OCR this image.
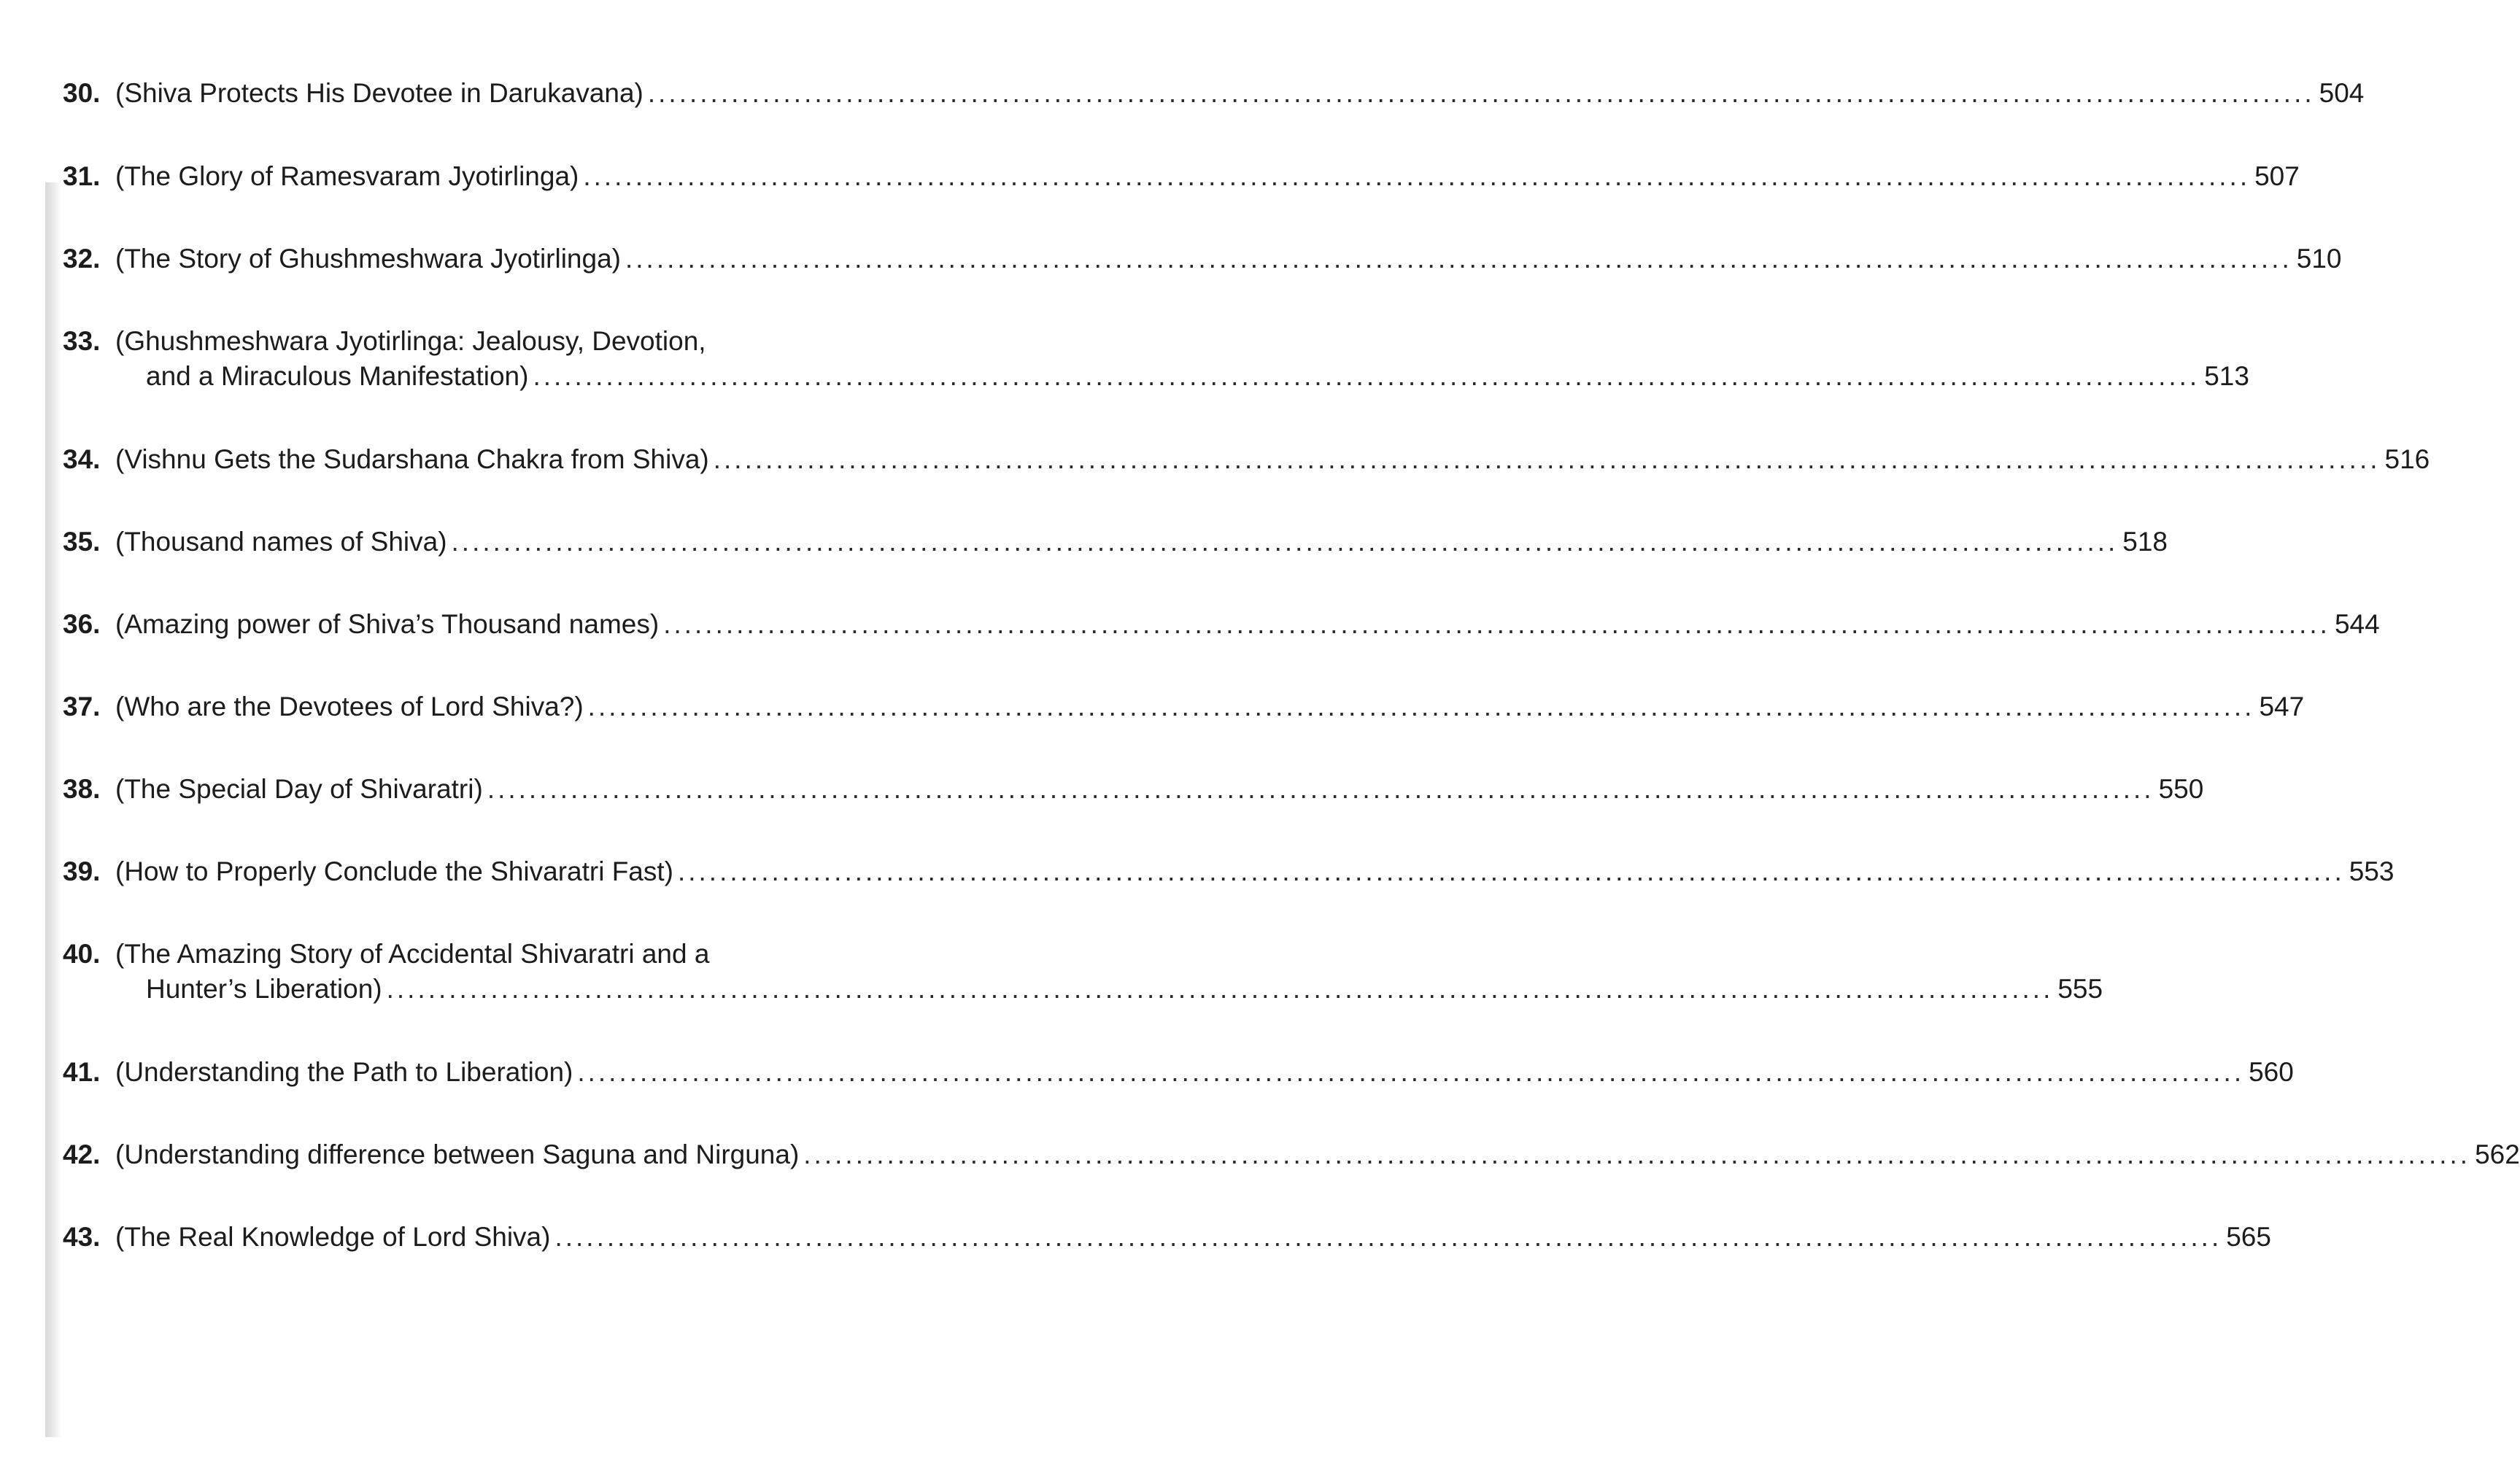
30. (Shiva Protects His Devotee in Darukavana) ................................................................................................................................................................ 504
31. (The Glory of Ramesvaram Jyotirlinga) ................................................................................................................................................................ 507
32. (The Story of Ghushmeshwara Jyotirlinga) ................................................................................................................................................................ 510
33. (Ghushmeshwara Jyotirlinga: Jealousy, Devotion,
and a Miraculous Manifestation) ................................................................................................................................................................ 513
34. (Vishnu Gets the Sudarshana Chakra from Shiva) ................................................................................................................................................................ 516
35. (Thousand names of Shiva) ................................................................................................................................................................ 518
36. (Amazing power of Shiva’s Thousand names) ................................................................................................................................................................ 544
37. (Who are the Devotees of Lord Shiva?) ................................................................................................................................................................ 547
38. (The Special Day of Shivaratri) ................................................................................................................................................................ 550
39. (How to Properly Conclude the Shivaratri Fast) ................................................................................................................................................................ 553
40. (The Amazing Story of Accidental Shivaratri and a
Hunter’s Liberation) ................................................................................................................................................................ 555
41. (Understanding the Path to Liberation) ................................................................................................................................................................ 560
42. (Understanding difference between Saguna and Nirguna) ................................................................................................................................................................ 562
43. (The Real Knowledge of Lord Shiva) ................................................................................................................................................................ 565
